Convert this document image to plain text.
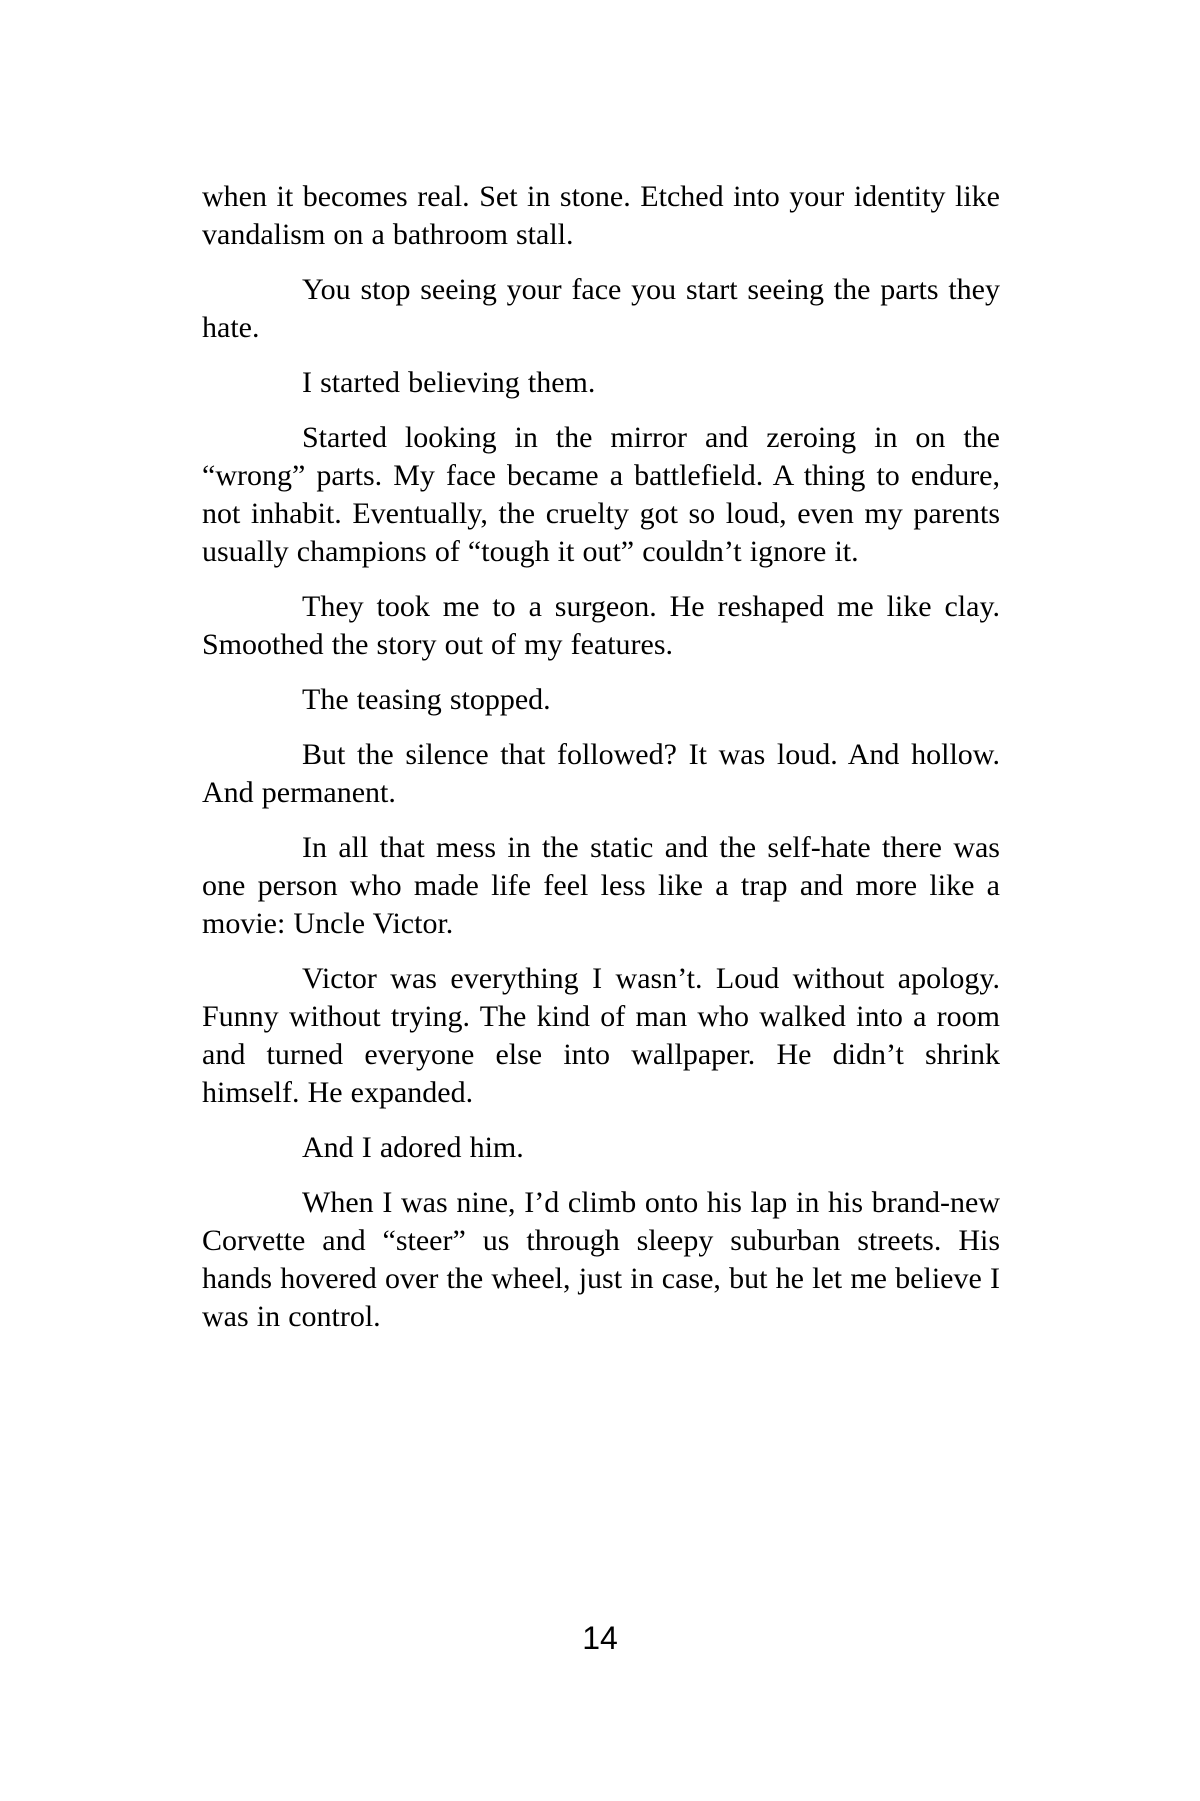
when it becomes real. Set in stone. Etched into your identity like vandalism on a bathroom stall.

You stop seeing your face you start seeing the parts they hate.

I started believing them.

Started looking in the mirror and zeroing in on the “wrong” parts. My face became a battlefield. A thing to endure, not inhabit. Eventually, the cruelty got so loud, even my parents usually champions of “tough it out” couldn’t ignore it.

They took me to a surgeon. He reshaped me like clay. Smoothed the story out of my features.

The teasing stopped.

But the silence that followed? It was loud. And hollow. And permanent.

In all that mess in the static and the self-hate there was one person who made life feel less like a trap and more like a movie: Uncle Victor.

Victor was everything I wasn’t. Loud without apology. Funny without trying. The kind of man who walked into a room and turned everyone else into wallpaper. He didn’t shrink himself. He expanded.

And I adored him.

When I was nine, I’d climb onto his lap in his brand-new Corvette and “steer” us through sleepy suburban streets. His hands hovered over the wheel, just in case, but he let me believe I was in control.

14
